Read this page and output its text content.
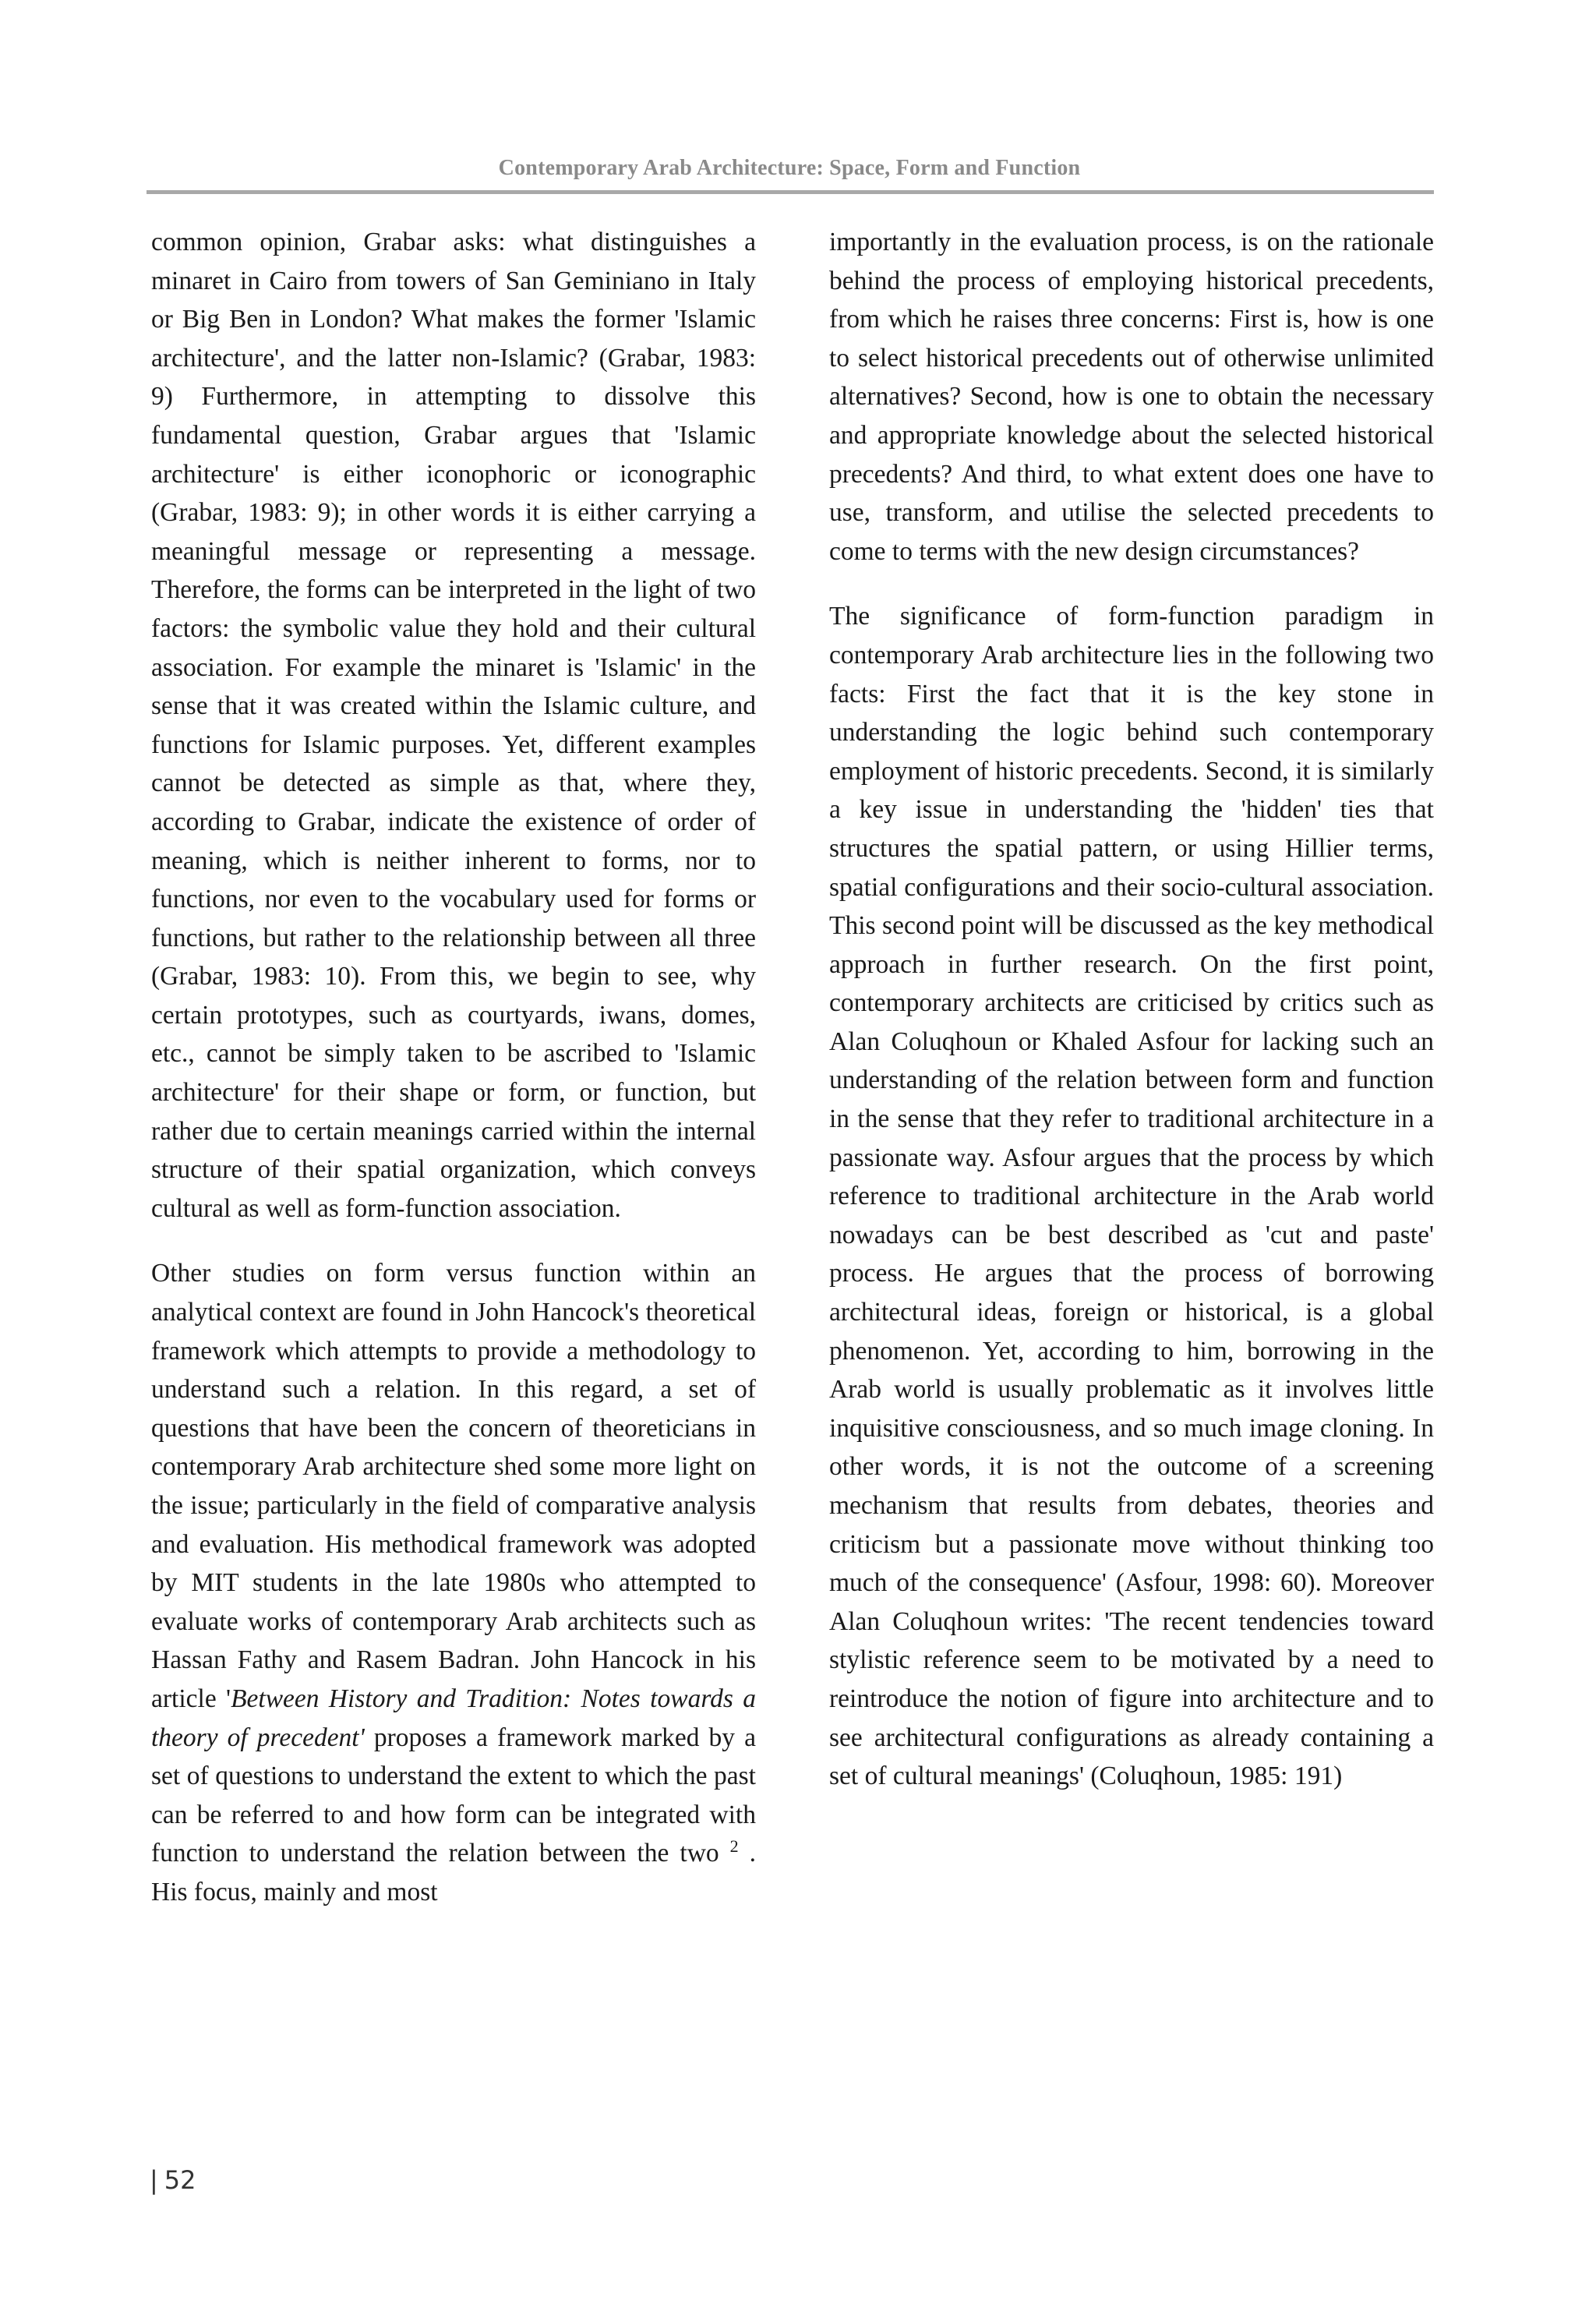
Contemporary Arab Architecture: Space, Form and Function

common opinion, Grabar asks: what distinguishes a minaret in Cairo from towers of San Geminiano in Italy or Big Ben in London? What makes the former 'Islamic architecture', and the latter non-Islamic? (Grabar, 1983: 9) Furthermore, in attempting to dissolve this fundamental question, Grabar argues that 'Islamic architecture' is either iconophoric or iconographic (Grabar, 1983: 9); in other words it is either carrying a meaningful message or representing a message. Therefore, the forms can be interpreted in the light of two factors: the symbolic value they hold and their cultural association. For example the minaret is 'Islamic' in the sense that it was created within the Islamic culture, and functions for Islamic purposes. Yet, different examples cannot be detected as simple as that, where they, according to Grabar, indicate the existence of order of meaning, which is neither inherent to forms, nor to functions, nor even to the vocabulary used for forms or functions, but rather to the relationship between all three (Grabar, 1983: 10). From this, we begin to see, why certain prototypes, such as courtyards, iwans, domes, etc., cannot be simply taken to be ascribed to 'Islamic architecture' for their shape or form, or function, but rather due to certain meanings carried within the internal structure of their spatial organization, which conveys cultural as well as form-function association.

Other studies on form versus function within an analytical context are found in John Hancock's theoretical framework which attempts to provide a methodology to understand such a relation. In this regard, a set of questions that have been the concern of theoreticians in contemporary Arab architecture shed some more light on the issue; particularly in the field of comparative analysis and evaluation. His methodical framework was adopted by MIT students in the late 1980s who attempted to evaluate works of contemporary Arab architects such as Hassan Fathy and Rasem Badran. John Hancock in his article 'Between History and Tradition: Notes towards a theory of precedent' proposes a framework marked by a set of questions to understand the extent to which the past can be referred to and how form can be integrated with function to understand the relation between the two $^2$ . His focus, mainly and most

importantly in the evaluation process, is on the rationale behind the process of employing historical precedents, from which he raises three concerns: First is, how is one to select historical precedents out of otherwise unlimited alternatives? Second, how is one to obtain the necessary and appropriate knowledge about the selected historical precedents? And third, to what extent does one have to use, transform, and utilise the selected precedents to come to terms with the new design circumstances?

The significance of form-function paradigm in contemporary Arab architecture lies in the following two facts: First the fact that it is the key stone in understanding the logic behind such contemporary employment of historic precedents. Second, it is similarly a key issue in understanding the 'hidden' ties that structures the spatial pattern, or using Hillier terms, spatial configurations and their socio-cultural association. This second point will be discussed as the key methodical approach in further research. On the first point, contemporary architects are criticised by critics such as Alan Coluqhoun or Khaled Asfour for lacking such an understanding of the relation between form and function in the sense that they refer to traditional architecture in a passionate way. Asfour argues that the process by which reference to traditional architecture in the Arab world nowadays can be best described as 'cut and paste' process. He argues that the process of borrowing architectural ideas, foreign or historical, is a global phenomenon. Yet, according to him, borrowing in the Arab world is usually problematic as it involves little inquisitive consciousness, and so much image cloning. In other words, it is not the outcome of a screening mechanism that results from debates, theories and criticism but a passionate move without thinking too much of the consequence' (Asfour, 1998: 60). Moreover Alan Coluqhoun writes: 'The recent tendencies toward stylistic reference seem to be motivated by a need to reintroduce the notion of figure into architecture and to see architectural configurations as already containing a set of cultural meanings' (Coluqhoun, 1985: 191)

| 52
